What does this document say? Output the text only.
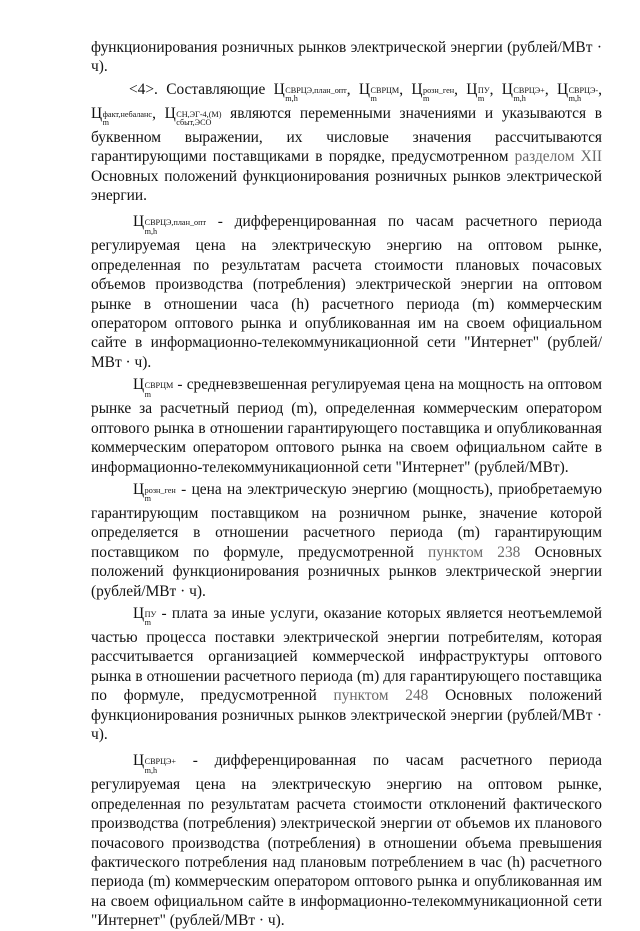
функционирования розничных рынков электрической энергии (рублей/МВт · ч).

<4>. Составляющие Ц СВРЦЭ,план_опт
m,h
, Ц СВРЦМ
m
, Ц розн_ген
m
, Ц ПУ
m
, Ц СВРЦЭ+
m,h
, Ц СВРЦЭ-
m,h
, Ц факт,небаланс
m
, Ц СН,ЭГ-4,(М)
сбыт,ЭСО
являются переменными значениями и указываются в буквенном выражении, их числовые значения рассчитываются гарантирующими поставщиками в порядке, предусмотренном разделом XII Основных положений функционирования розничных рынков электрической энергии.

Ц СВРЦЭ,план_опт
m,h
- дифференцированная по часам расчетного периода регулируемая цена на электрическую энергию на оптовом рынке, определенная по результатам расчета стоимости плановых почасовых объемов производства (потребления) электрической энергии на оптовом рынке в отношении часа (h) расчетного периода (m) коммерческим оператором оптового рынка и опубликованная им на своем официальном сайте в информационно-телекоммуникационной сети "Интернет" (рублей/МВт · ч).

Ц СВРЦМ
m
- средневзвешенная регулируемая цена на мощность на оптовом рынке за расчетный период (m), определенная коммерческим оператором оптового рынка в отношении гарантирующего поставщика и опубликованная коммерческим оператором оптового рынка на своем официальном сайте в информационно-телекоммуникационной сети "Интернет" (рублей/МВт).

Ц розн_ген
m
- цена на электрическую энергию (мощность), приобретаемую гарантирующим поставщиком на розничном рынке, значение которой определяется в отношении расчетного периода (m) гарантирующим поставщиком по формуле, предусмотренной пунктом 238 Основных положений функционирования розничных рынков электрической энергии (рублей/МВт · ч).

Ц ПУ
m
- плата за иные услуги, оказание которых является неотъемлемой частью процесса поставки электрической энергии потребителям, которая рассчитывается организацией коммерческой инфраструктуры оптового рынка в отношении расчетного периода (m) для гарантирующего поставщика по формуле, предусмотренной пунктом 248 Основных положений функционирования розничных рынков электрической энергии (рублей/МВт · ч).

Ц СВРЦЭ+
m,h
- дифференцированная по часам расчетного периода регулируемая цена на электрическую энергию на оптовом рынке, определенная по результатам расчета стоимости отклонений фактического производства (потребления) электрической энергии от объемов их планового почасового производства (потребления) в отношении объема превышения фактического потребления над плановым потреблением в час (h) расчетного периода (m) коммерческим оператором оптового рынка и опубликованная им на своем официальном сайте в информационно-телекоммуникационной сети "Интернет" (рублей/МВт · ч).
